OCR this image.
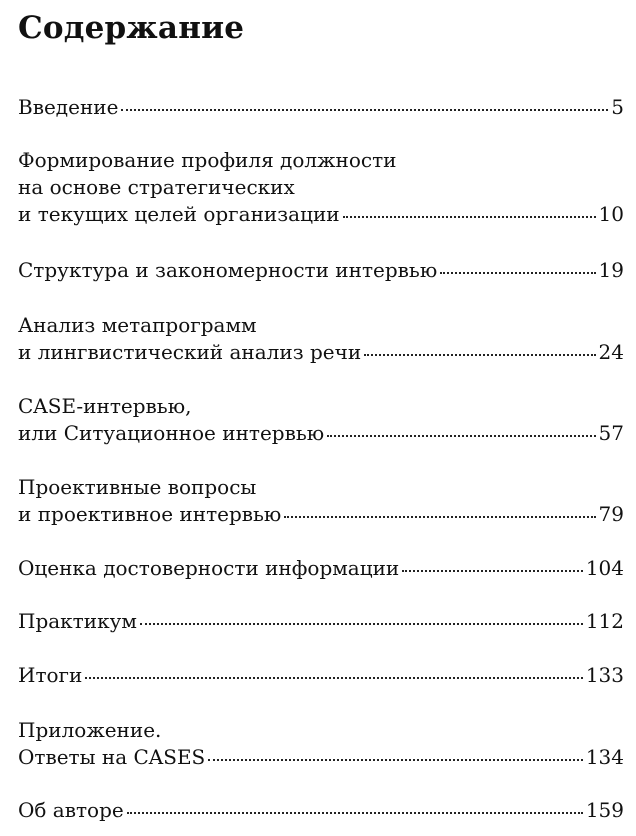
Содержание
Введение	5
Формирование профиля должности
на основе стратегических
и текущих целей организации	10
Структура и закономерности интервью	19
Анализ метапрограмм
и лингвистический анализ речи	24
CASE-интервью,
или Ситуационное интервью	57
Проективные вопросы
и проективное интервью	79
Оценка достоверности информации	104
Практикум	112
Итоги	133
Приложение.
Ответы на CASES	134
Об авторе	159
